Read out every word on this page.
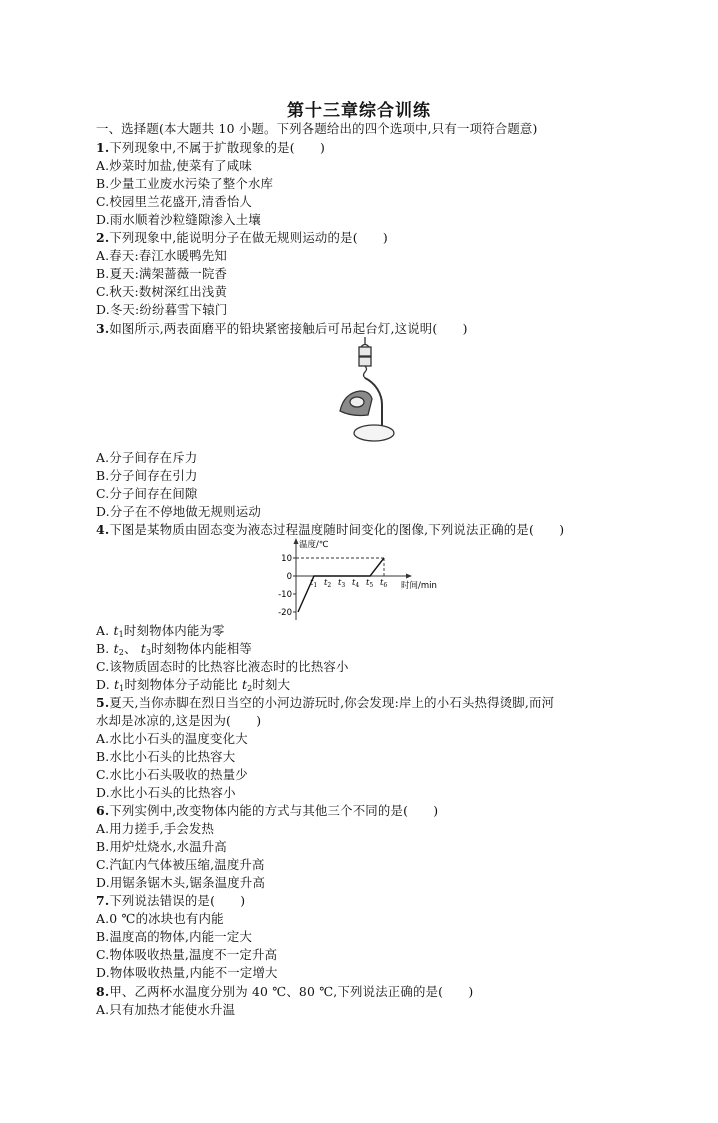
第十三章综合训练
一、选择题(本大题共 10 小题。下列各题给出的四个选项中,只有一项符合题意)
1.下列现象中,不属于扩散现象的是(　　)
A.炒菜时加盐,使菜有了咸味
B.少量工业废水污染了整个水库
C.校园里兰花盛开,清香怡人
D.雨水顺着沙粒缝隙渗入土壤
2.下列现象中,能说明分子在做无规则运动的是(　　)
A.春天:春江水暖鸭先知
B.夏天:满架蔷薇一院香
C.秋天:数树深红出浅黄
D.冬天:纷纷暮雪下辕门
3.如图所示,两表面磨平的铅块紧密接触后可吊起台灯,这说明(　　)
A.分子间存在斥力
B.分子间存在引力
C.分子间存在间隙
D.分子在不停地做无规则运动
4.下图是某物质由固态变为液态过程温度随时间变化的图像,下列说法正确的是(　　)
温度/℃
时间/min
10
0
-10
-20
$t_1$ $t_2$ $t_3$ $t_4$ $t_5$ $t_6$
A. $t_1$时刻物体内能为零
B. $t_2$、 $t_3$时刻物体内能相等
C.该物质固态时的比热容比液态时的比热容小
D. $t_1$时刻物体分子动能比 $t_2$时刻大
5.夏天,当你赤脚在烈日当空的小河边游玩时,你会发现:岸上的小石头热得烫脚,而河
水却是冰凉的,这是因为(　　)
A.水比小石头的温度变化大
B.水比小石头的比热容大
C.水比小石头吸收的热量少
D.水比小石头的比热容小
6.下列实例中,改变物体内能的方式与其他三个不同的是(　　)
A.用力搓手,手会发热
B.用炉灶烧水,水温升高
C.汽缸内气体被压缩,温度升高
D.用锯条锯木头,锯条温度升高
7.下列说法错误的是(　　)
A.0 ℃的冰块也有内能
B.温度高的物体,内能一定大
C.物体吸收热量,温度不一定升高
D.物体吸收热量,内能不一定增大
8.甲、乙两杯水温度分别为 40 ℃、80 ℃,下列说法正确的是(　　)
A.只有加热才能使水升温
